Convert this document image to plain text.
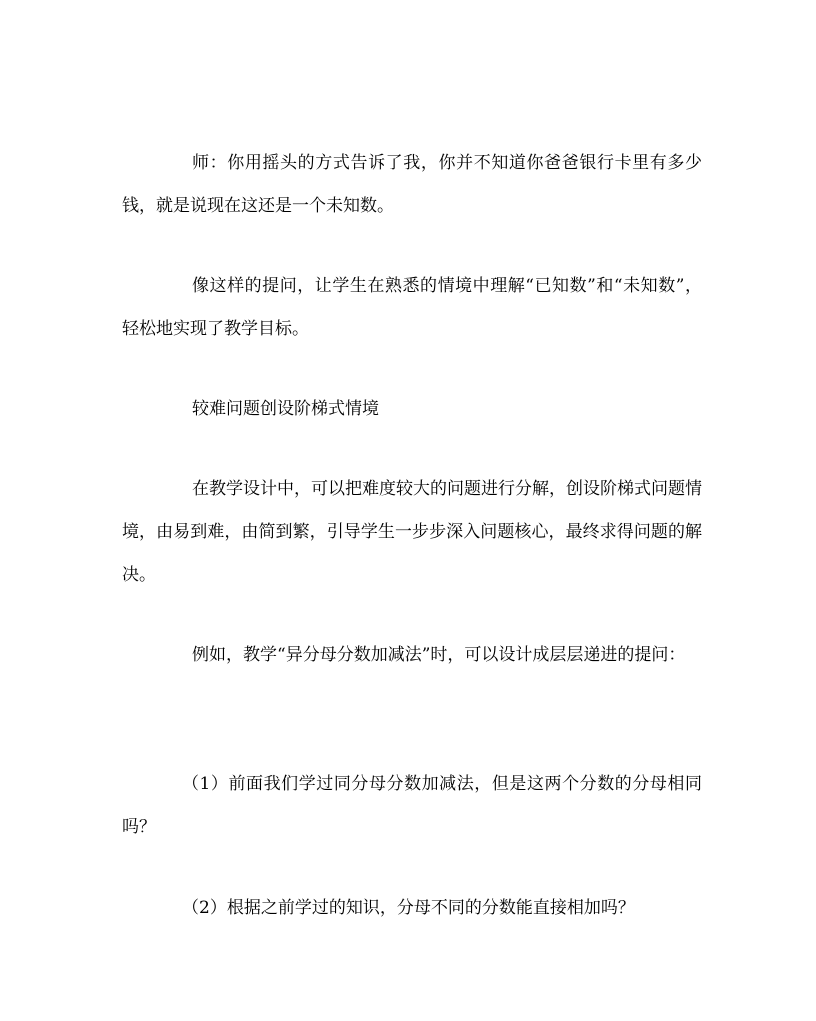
师：你用摇头的方式告诉了我，你并不知道你爸爸银行卡里有多少钱，就是说现在这还是一个未知数。

像这样的提问，让学生在熟悉的情境中理解“已知数”和“未知数”，轻松地实现了教学目标。

较难问题创设阶梯式情境

在教学设计中，可以把难度较大的问题进行分解，创设阶梯式问题情境，由易到难，由简到繁，引导学生一步步深入问题核心，最终求得问题的解决。

例如，教学“异分母分数加减法”时，可以设计成层层递进的提问：

（1）前面我们学过同分母分数加减法，但是这两个分数的分母相同吗？

（2）根据之前学过的知识，分母不同的分数能直接相加吗？
